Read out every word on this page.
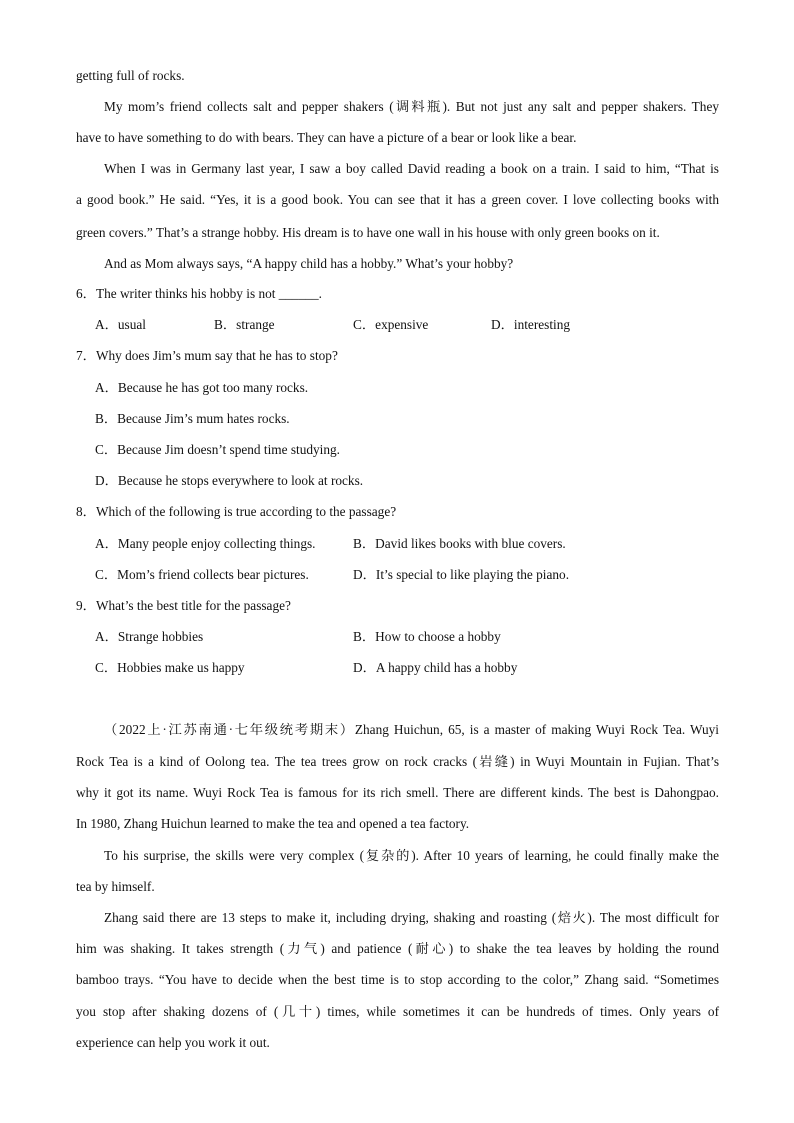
getting full of rocks.
My mom’s friend collects salt and pepper shakers (调料瓶). But not just any salt and pepper shakers. They
have to have something to do with bears. They can have a picture of a bear or look like a bear.
When I was in Germany last year, I saw a boy called David reading a book on a train. I said to him, “That is
a good book.” He said. “Yes, it is a good book. You can see that it has a green cover. I love collecting books with
green covers.” That’s a strange hobby. His dream is to have one wall in his house with only green books on it.
And as Mom always says, “A happy child has a hobby.” What’s your hobby?
6．The writer thinks his hobby is not ______.
A．usual	B．strange	C．expensive	D．interesting
7．Why does Jim’s mum say that he has to stop?
A．Because he has got too many rocks.
B．Because Jim’s mum hates rocks.
C．Because Jim doesn’t spend time studying.
D．Because he stops everywhere to look at rocks.
8．Which of the following is true according to the passage?
A．Many people enjoy collecting things.	B．David likes books with blue covers.
C．Mom’s friend collects bear pictures.	D．It’s special to like playing the piano.
9．What’s the best title for the passage?
A．Strange hobbies	B．How to choose a hobby
C．Hobbies make us happy	D．A happy child has a hobby
（2022上·江苏南通·七年级统考期末）Zhang Huichun, 65, is a master of making Wuyi Rock Tea. Wuyi
Rock Tea is a kind of Oolong tea. The tea trees grow on rock cracks (岩缝) in Wuyi Mountain in Fujian. That’s
why it got its name. Wuyi Rock Tea is famous for its rich smell. There are different kinds. The best is Dahongpao.
In 1980, Zhang Huichun learned to make the tea and opened a tea factory.
To his surprise, the skills were very complex (复杂的). After 10 years of learning, he could finally make the
tea by himself.
Zhang said there are 13 steps to make it, including drying, shaking and roasting (焙火). The most difficult for
him was shaking. It takes strength (力气) and patience (耐心) to shake the tea leaves by holding the round
bamboo trays. “You have to decide when the best time is to stop according to the color,” Zhang said. “Sometimes
you stop after shaking dozens of (几十) times, while sometimes it can be hundreds of times. Only years of
experience can help you work it out.
